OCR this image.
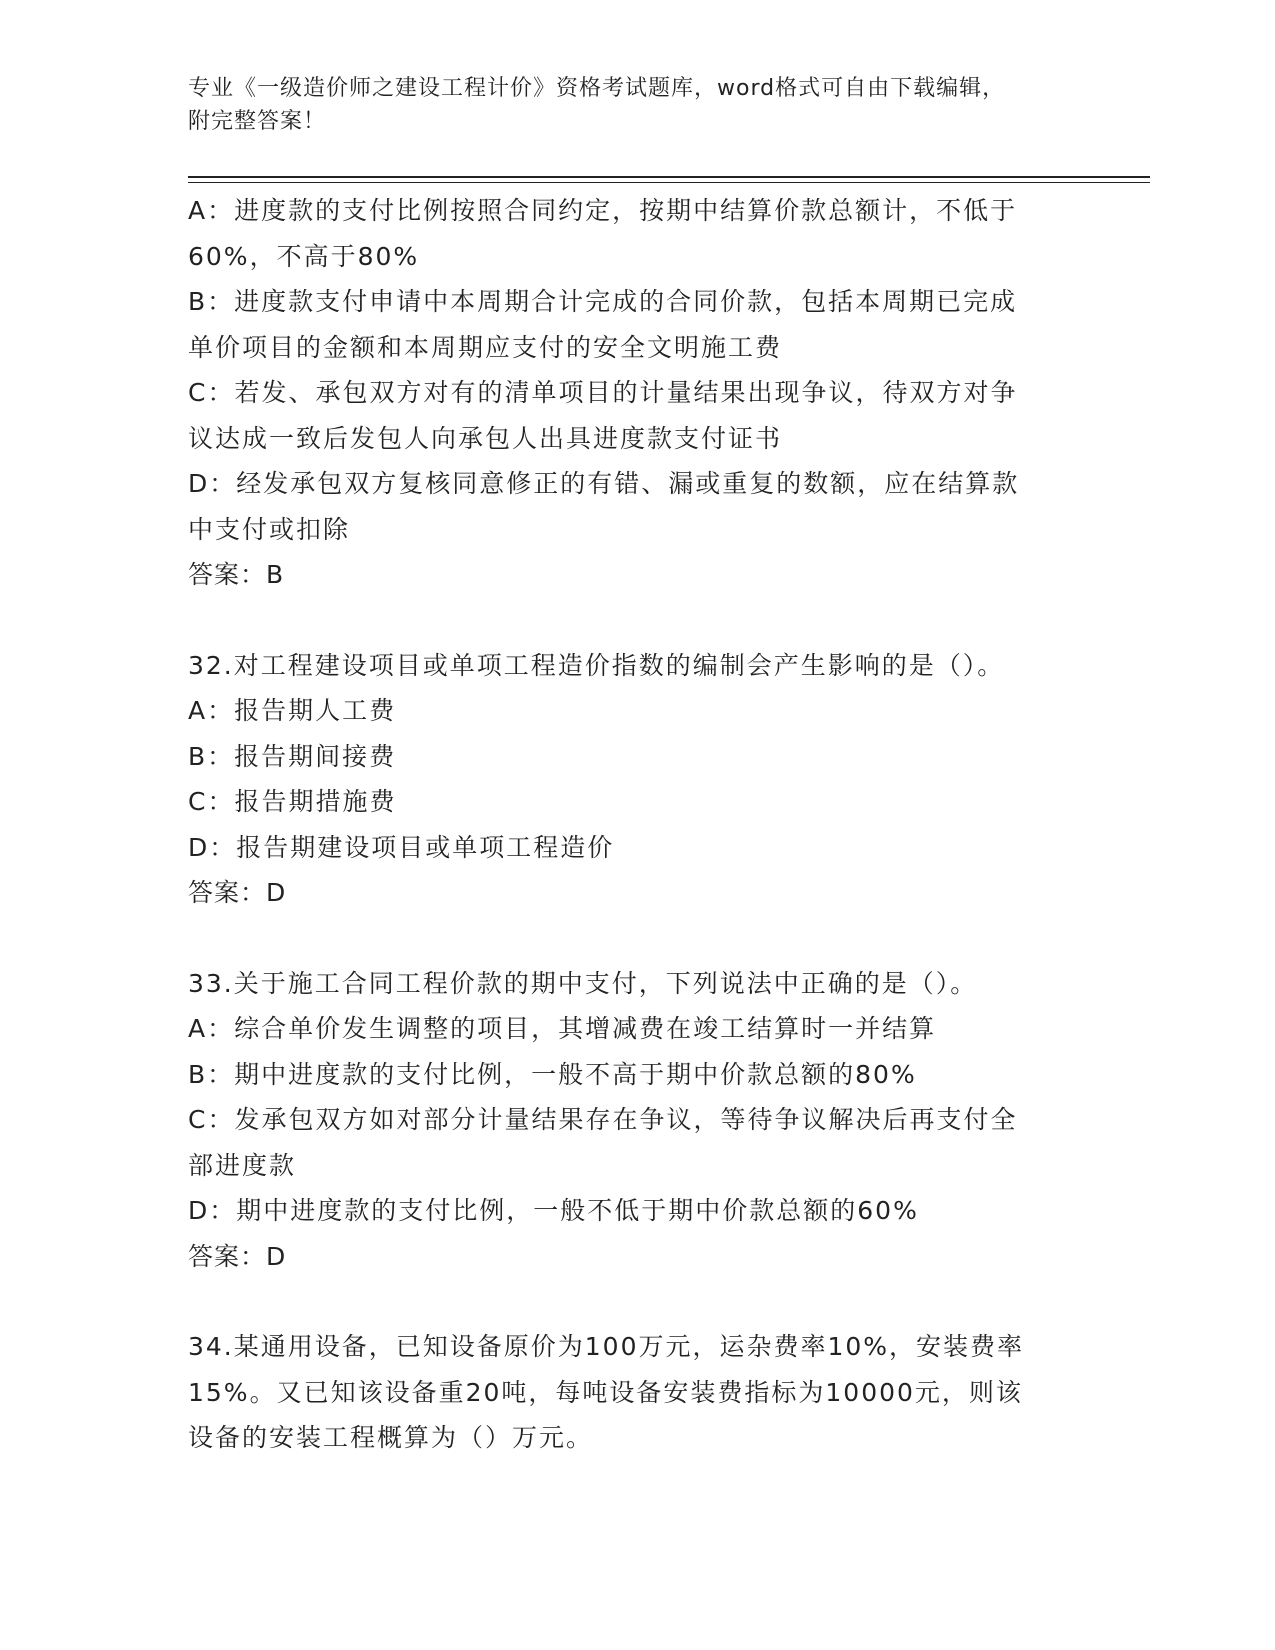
专业《一级造价师之建设工程计价》资格考试题库，word格式可自由下载编辑，
附完整答案！

A：进度款的支付比例按照合同约定，按期中结算价款总额计，不低于

60%，不高于80%

B：进度款支付申请中本周期合计完成的合同价款，包括本周期已完成

单价项目的金额和本周期应支付的安全文明施工费

C：若发、承包双方对有的清单项目的计量结果出现争议，待双方对争

议达成一致后发包人向承包人出具进度款支付证书

D：经发承包双方复核同意修正的有错、漏或重复的数额，应在结算款

中支付或扣除

答案：B

32.对工程建设项目或单项工程造价指数的编制会产生影响的是（）。

A：报告期人工费

B：报告期间接费

C：报告期措施费

D：报告期建设项目或单项工程造价

答案：D

33.关于施工合同工程价款的期中支付，下列说法中正确的是（）。

A：综合单价发生调整的项目，其增减费在竣工结算时一并结算

B：期中进度款的支付比例，一般不高于期中价款总额的80%

C：发承包双方如对部分计量结果存在争议，等待争议解决后再支付全

部进度款

D：期中进度款的支付比例，一般不低于期中价款总额的60%

答案：D

34.某通用设备，已知设备原价为100万元，运杂费率10%，安装费率

15%。又已知该设备重20吨，每吨设备安装费指标为10000元，则该

设备的安装工程概算为（）万元。
